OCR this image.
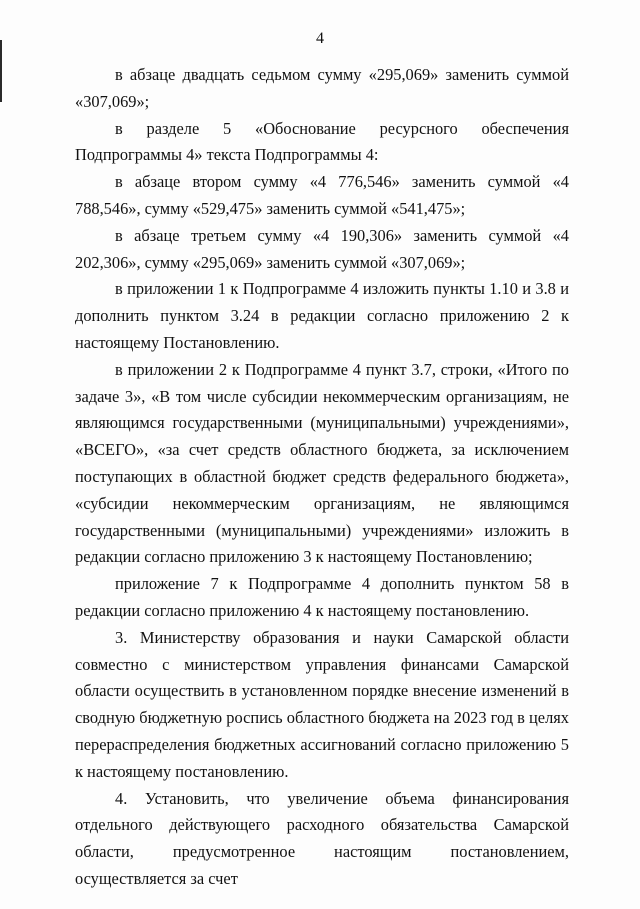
4

в абзаце двадцать седьмом сумму «295,069» заменить суммой «307,069»;

в разделе 5 «Обоснование ресурсного обеспечения Подпрограммы 4» текста Подпрограммы 4:

в абзаце втором сумму «4 776,546» заменить суммой «4 788,546», сумму «529,475» заменить суммой «541,475»;

в абзаце третьем сумму «4 190,306» заменить суммой «4 202,306», сумму «295,069» заменить суммой «307,069»;

в приложении 1 к Подпрограмме 4 изложить пункты 1.10 и 3.8 и дополнить пунктом 3.24 в редакции согласно приложению 2 к настоящему Постановлению.

в приложении 2 к Подпрограмме 4 пункт 3.7, строки, «Итого по задаче 3», «В том числе субсидии некоммерческим организациям, не являющимся государственными (муниципальными) учреждениями», «ВСЕГО», «за счет средств областного бюджета, за исключением поступающих в областной бюджет средств федерального бюджета», «субсидии некоммерческим организациям, не являющимся государственными (муниципальными) учреждениями» изложить в редакции согласно приложению 3 к настоящему Постановлению;

приложение 7 к Подпрограмме 4 дополнить пунктом 58 в редакции согласно приложению 4 к настоящему постановлению.

3. Министерству образования и науки Самарской области совместно с министерством управления финансами Самарской области осуществить в установленном порядке внесение изменений в сводную бюджетную роспись областного бюджета на 2023 год в целях перераспределения бюджетных ассигнований согласно приложению 5 к настоящему постановлению.

4. Установить, что увеличение объема финансирования отдельного действующего расходного обязательства Самарской области, предусмотренное настоящим постановлением, осуществляется за счет
